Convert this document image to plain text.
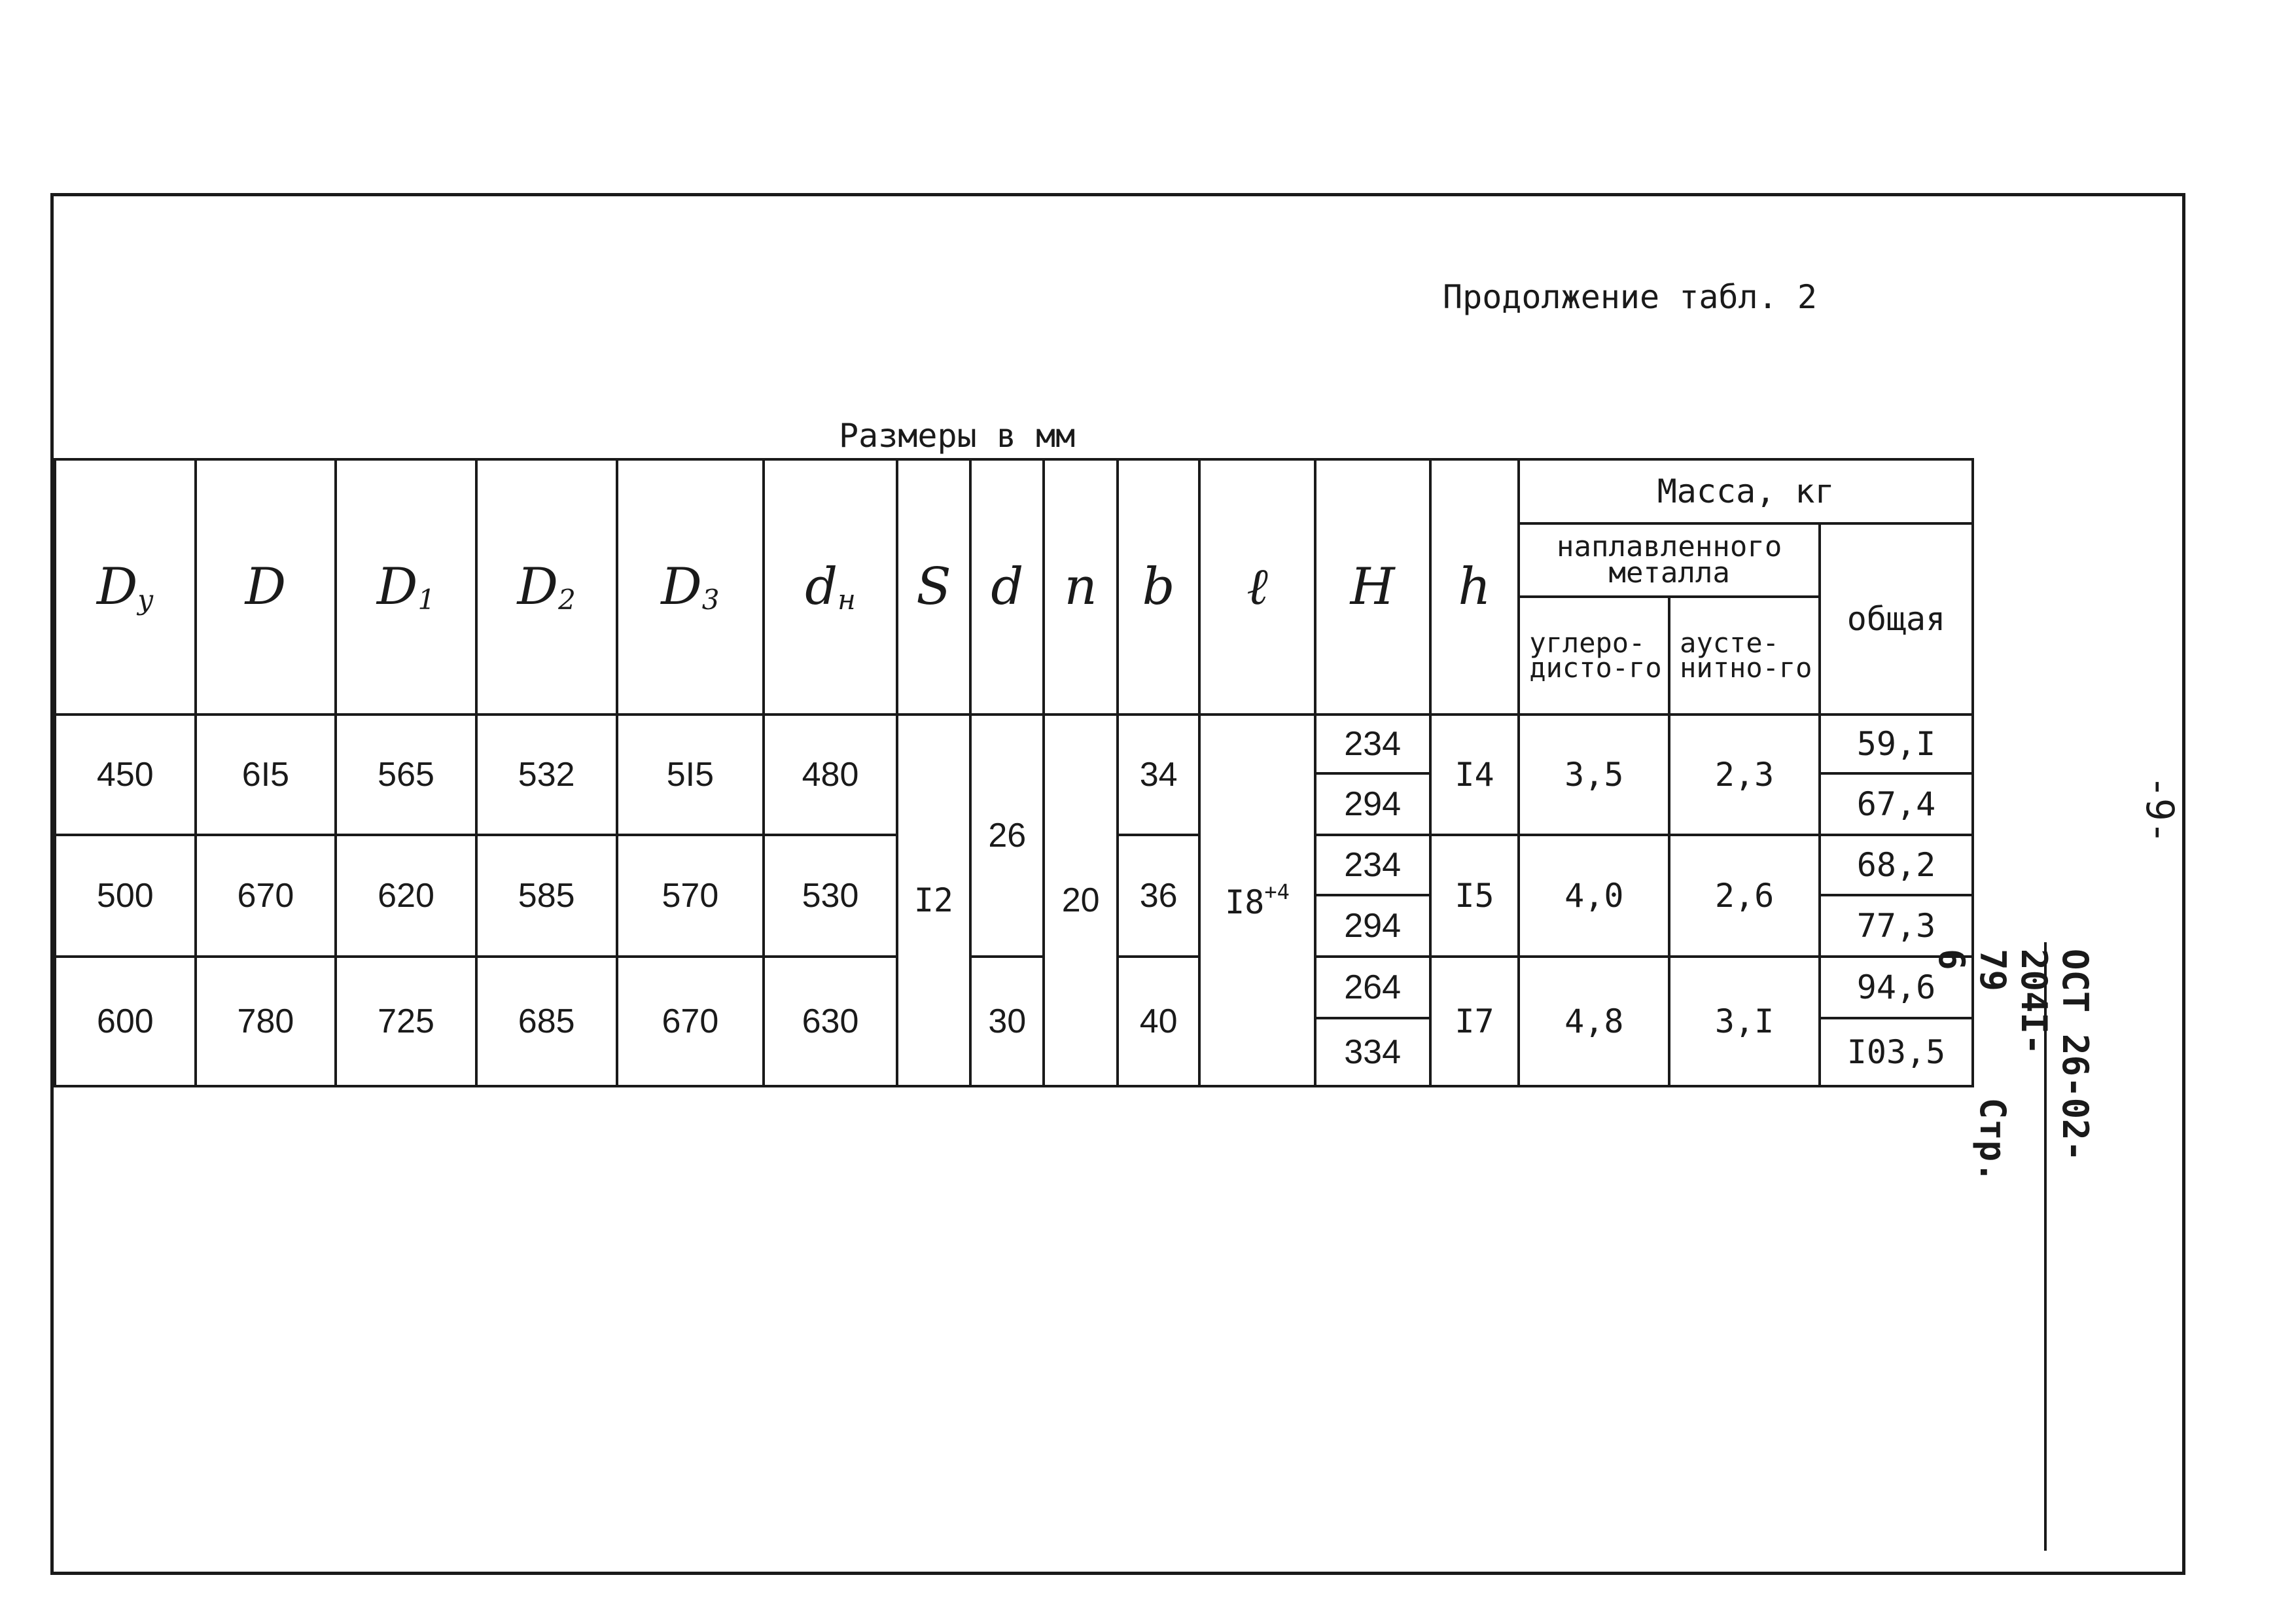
Продолжение табл. 2
Размеры в мм
$D_у$	D	$D_1$	$D_2$	$D_3$	$d_н$	S	d	n	b	ℓ	H	h	Масса, кг		
													наплавленного металла		общая
													углеро-дисто-го	аусте-нитно-го	
450	6I5	565	532	5I5	480	I2	26	20	34	$I8^{+4}$	234	I4	3,5	2,3	59,I
											294				67,4
500	670	620	585	570	530				36		234	I5	4,0	2,6	68,2
											294				77,3
600	780	725	685	670	630		30		40		264	I7	4,8	3,I	94,6
											334				I03,5
-9-
ОСТ 26-02-204I-79     Стр. 6
